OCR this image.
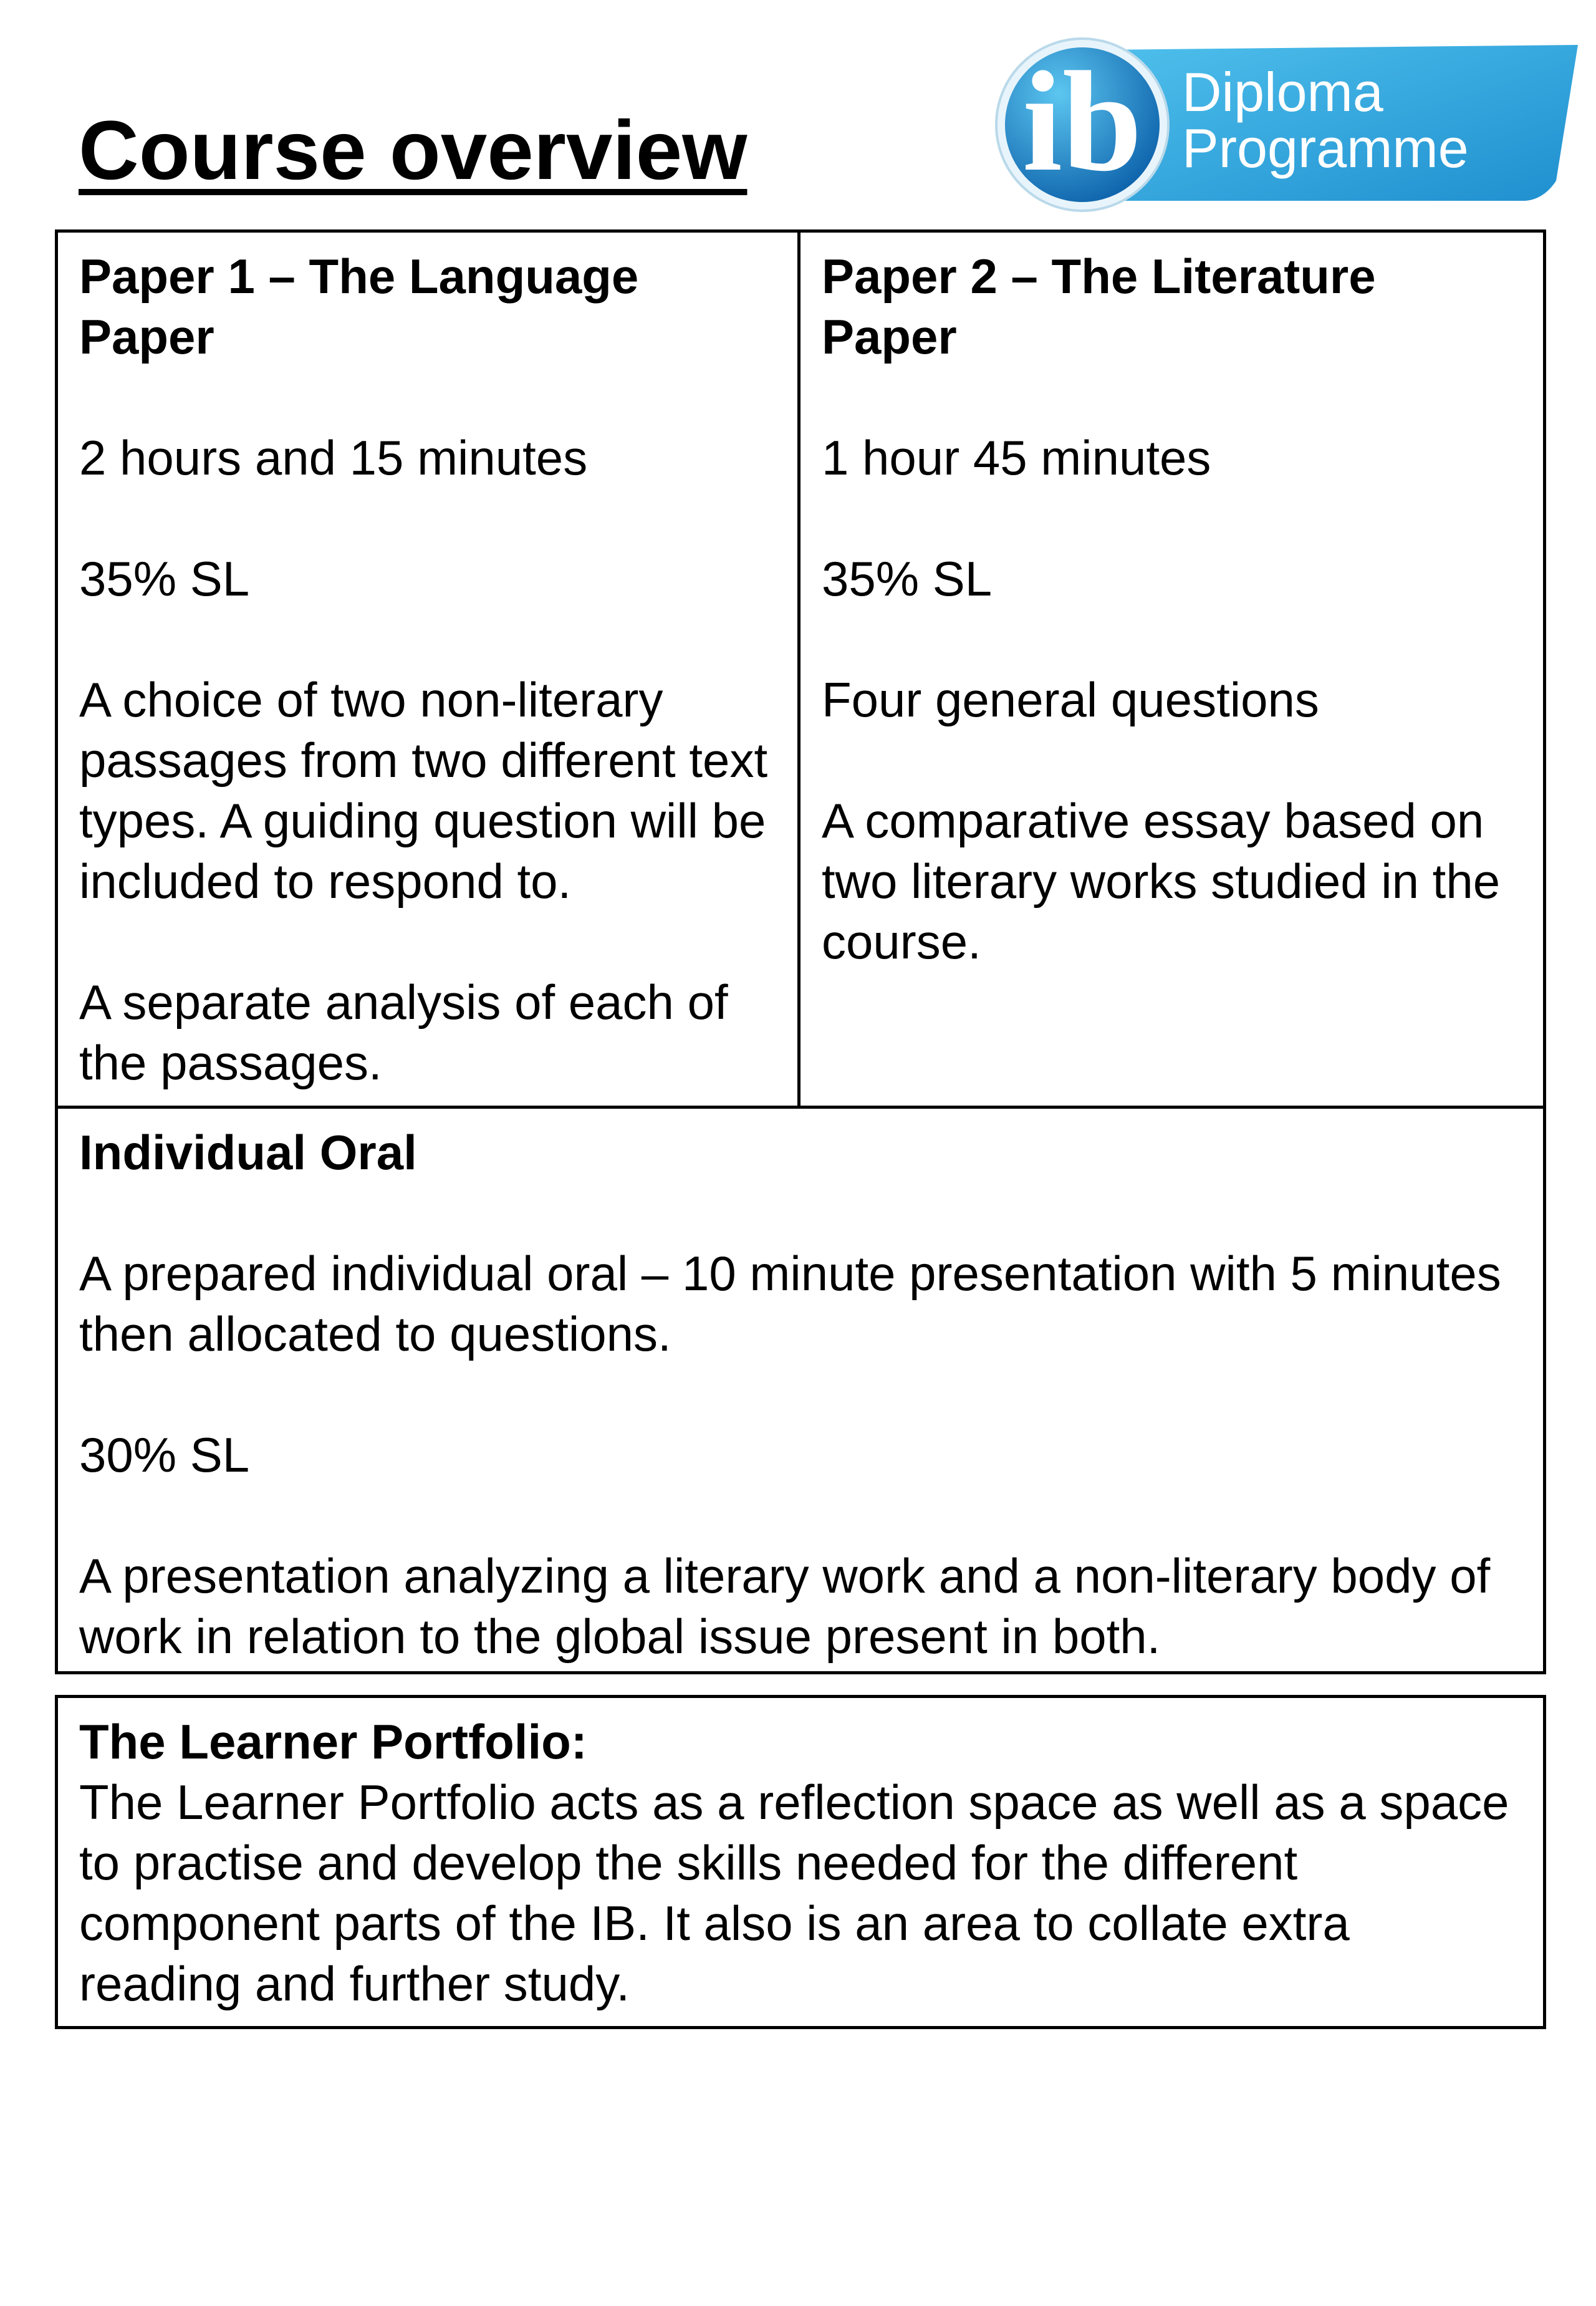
Course overview ib Diploma
Programme

Paper 1 – The Language Paper

2 hours and 15 minutes

35% SL

A choice of two non-literary passages from two different text types. A guiding question will be included to respond to.

A separate analysis of each of the passages.

Paper 2 – The Literature Paper

1 hour 45 minutes

35% SL

Four general questions

A comparative essay based on two literary works studied in the course.

Individual Oral

A prepared individual oral – 10 minute presentation with 5 minutes then allocated to questions.

30% SL

A presentation analyzing a literary work and a non-literary body of work in relation to the global issue present in both.

The Learner Portfolio:

The Learner Portfolio acts as a reflection space as well as a space to practise and develop the skills needed for the different component parts of the IB. It also is an area to collate extra reading and further study.
